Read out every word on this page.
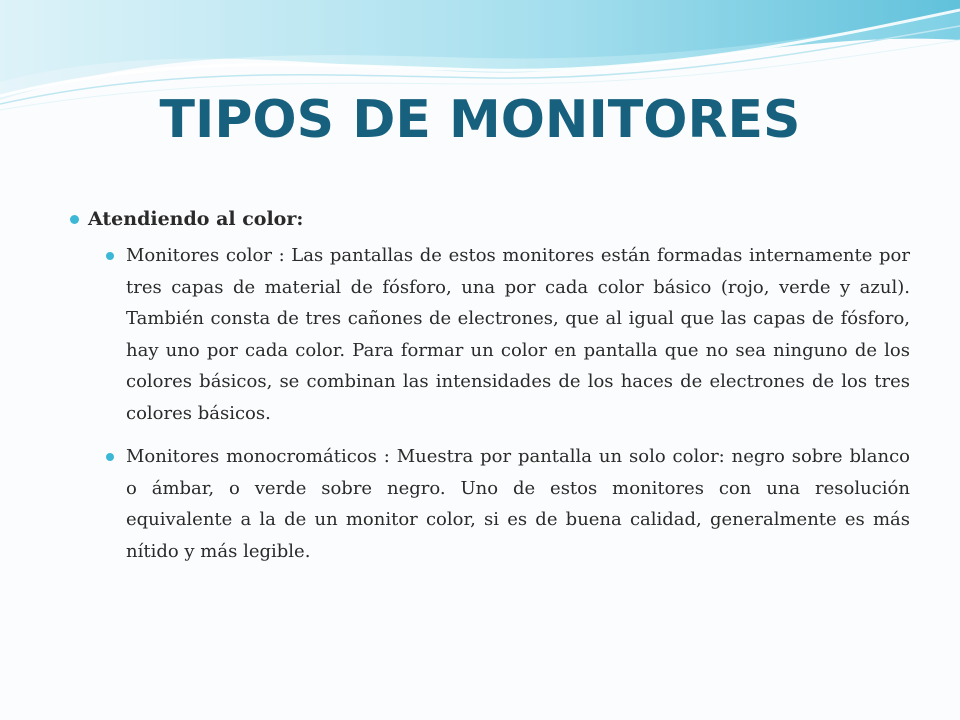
TIPOS DE MONITORES
Atendiendo al color:
Monitores color : Las pantallas de estos monitores están formadas internamente por tres capas de material de fósforo, una por cada color básico (rojo, verde y azul). También consta de tres cañones de electrones, que al igual que las capas de fósforo, hay uno por cada color. Para formar un color en pantalla que no sea ninguno de los colores básicos, se combinan las intensidades de los haces de electrones de los tres colores básicos.
Monitores monocromáticos : Muestra por pantalla un solo color: negro sobre blanco o ámbar, o verde sobre negro. Uno de estos monitores con una resolución equivalente a la de un monitor color, si es de buena calidad, generalmente es más nítido y más legible.
